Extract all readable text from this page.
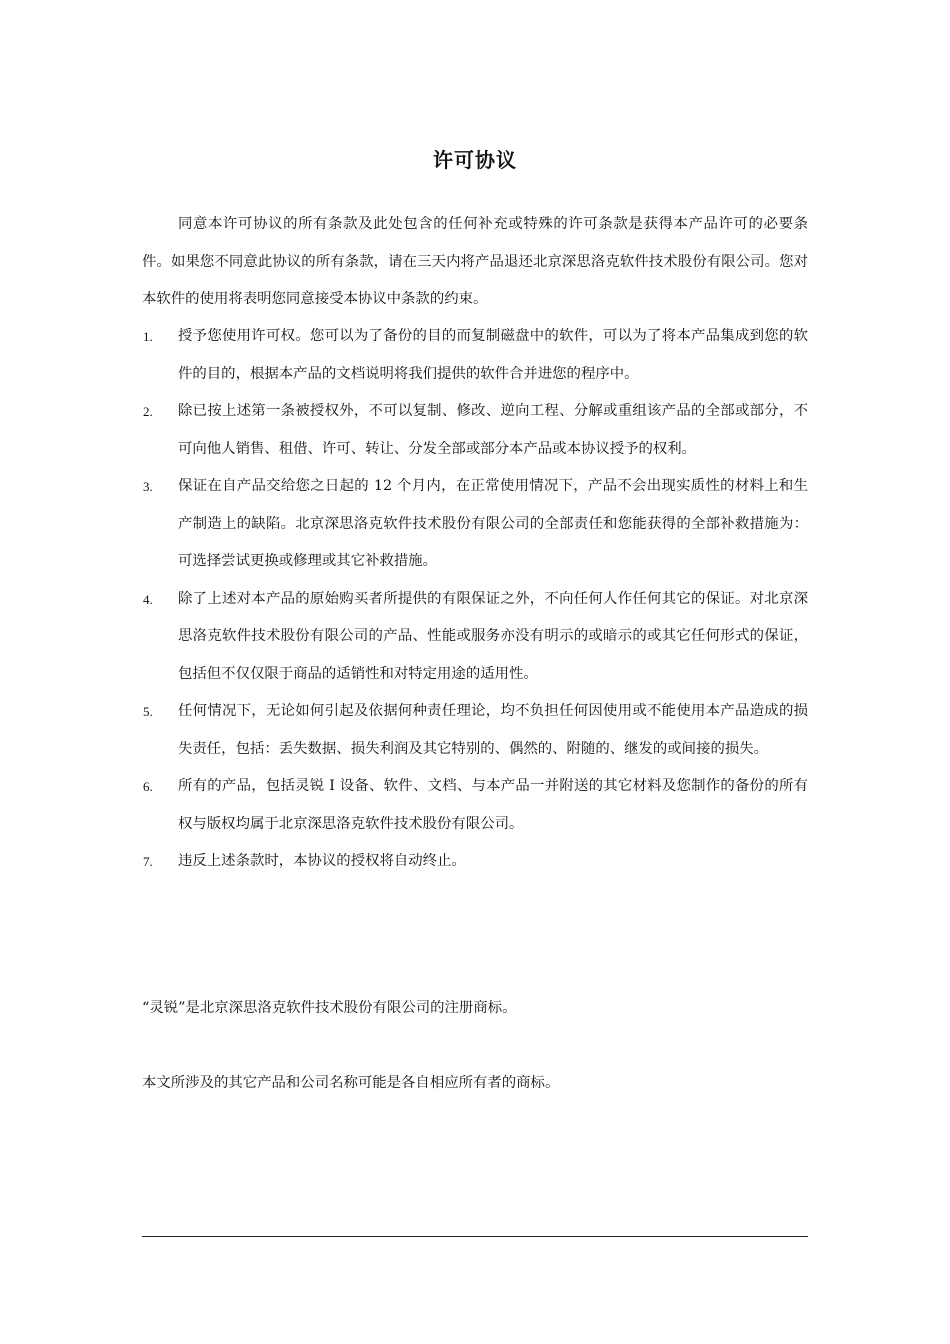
许可协议

同意本许可协议的所有条款及此处包含的任何补充或特殊的许可条款是获得本产品许可的必要条件。如果您不同意此协议的所有条款，请在三天内将产品退还北京深思洛克软件技术股份有限公司。您对本软件的使用将表明您同意接受本协议中条款的约束。

1. 授予您使用许可权。您可以为了备份的目的而复制磁盘中的软件，可以为了将本产品集成到您的软件的目的，根据本产品的文档说明将我们提供的软件合并进您的程序中。
2. 除已按上述第一条被授权外，不可以复制、修改、逆向工程、分解或重组该产品的全部或部分，不可向他人销售、租借、许可、转让、分发全部或部分本产品或本协议授予的权利。
3. 保证在自产品交给您之日起的 12 个月内，在正常使用情况下，产品不会出现实质性的材料上和生产制造上的缺陷。北京深思洛克软件技术股份有限公司的全部责任和您能获得的全部补救措施为：可选择尝试更换或修理或其它补救措施。
4. 除了上述对本产品的原始购买者所提供的有限保证之外，不向任何人作任何其它的保证。对北京深思洛克软件技术股份有限公司的产品、性能或服务亦没有明示的或暗示的或其它任何形式的保证，包括但不仅仅限于商品的适销性和对特定用途的适用性。
5. 任何情况下，无论如何引起及依据何种责任理论，均不负担任何因使用或不能使用本产品造成的损失责任，包括：丢失数据、损失利润及其它特别的、偶然的、附随的、继发的或间接的损失。
6. 所有的产品，包括灵锐 I 设备、软件、文档、与本产品一并附送的其它材料及您制作的备份的所有权与版权均属于北京深思洛克软件技术股份有限公司。
7. 违反上述条款时，本协议的授权将自动终止。

“灵锐”是北京深思洛克软件技术股份有限公司的注册商标。

本文所涉及的其它产品和公司名称可能是各自相应所有者的商标。
